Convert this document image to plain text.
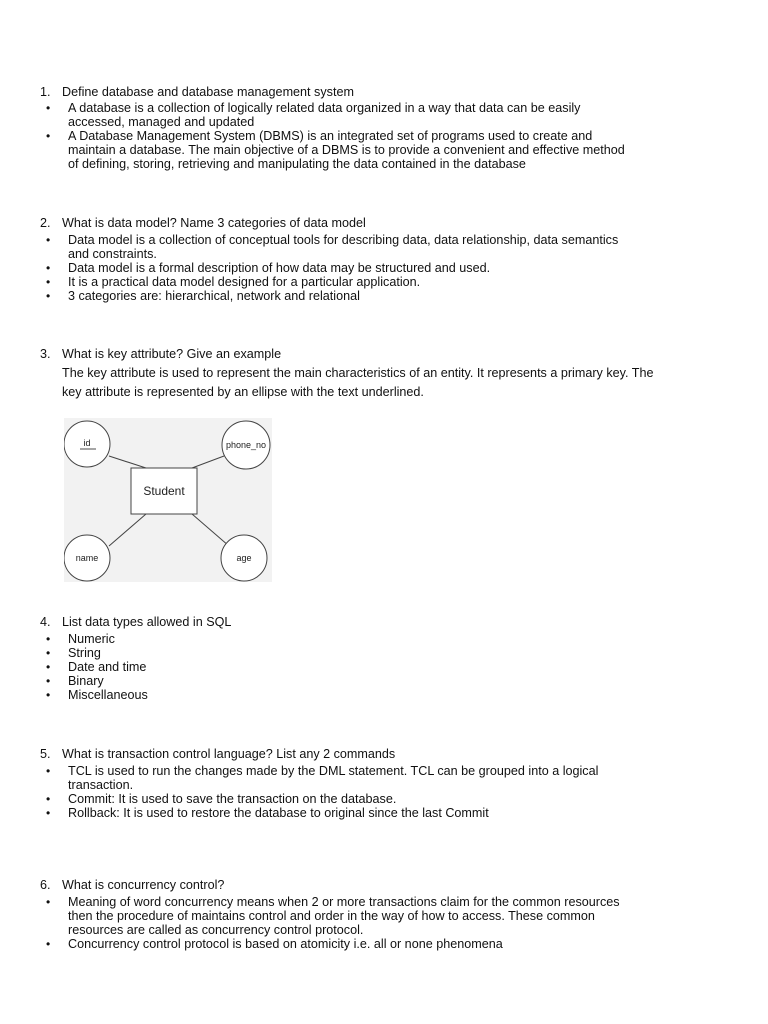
1. Define database and database management system
• A database is a collection of logically related data organized in a way that data can be easily accessed, managed and updated
• A Database Management System (DBMS) is an integrated set of programs used to create and maintain a database. The main objective of a DBMS is to provide a convenient and effective method of defining, storing, retrieving and manipulating the data contained in the database
2. What is data model? Name 3 categories of data model
• Data model is a collection of conceptual tools for describing data, data relationship, data semantics and constraints.
• Data model is a formal description of how data may be structured and used.
• It is a practical data model designed for a particular application.
• 3 categories are: hierarchical, network and relational
3. What is key attribute? Give an example
The key attribute is used to represent the main characteristics of an entity. It represents a primary key. The key attribute is represented by an ellipse with the text underlined.
Student
id	phone_no
name	age
4. List data types allowed in SQL
• Numeric
• String
• Date and time
• Binary
• Miscellaneous
5. What is transaction control language? List any 2 commands
• TCL is used to run the changes made by the DML statement. TCL can be grouped into a logical transaction.
• Commit: It is used to save the transaction on the database.
• Rollback: It is used to restore the database to original since the last Commit
6. What is concurrency control?
• Meaning of word concurrency means when 2 or more transactions claim for the common resources then the procedure of maintains control and order in the way of how to access. These common resources are called as concurrency control protocol.
• Concurrency control protocol is based on atomicity i.e. all or none phenomena
